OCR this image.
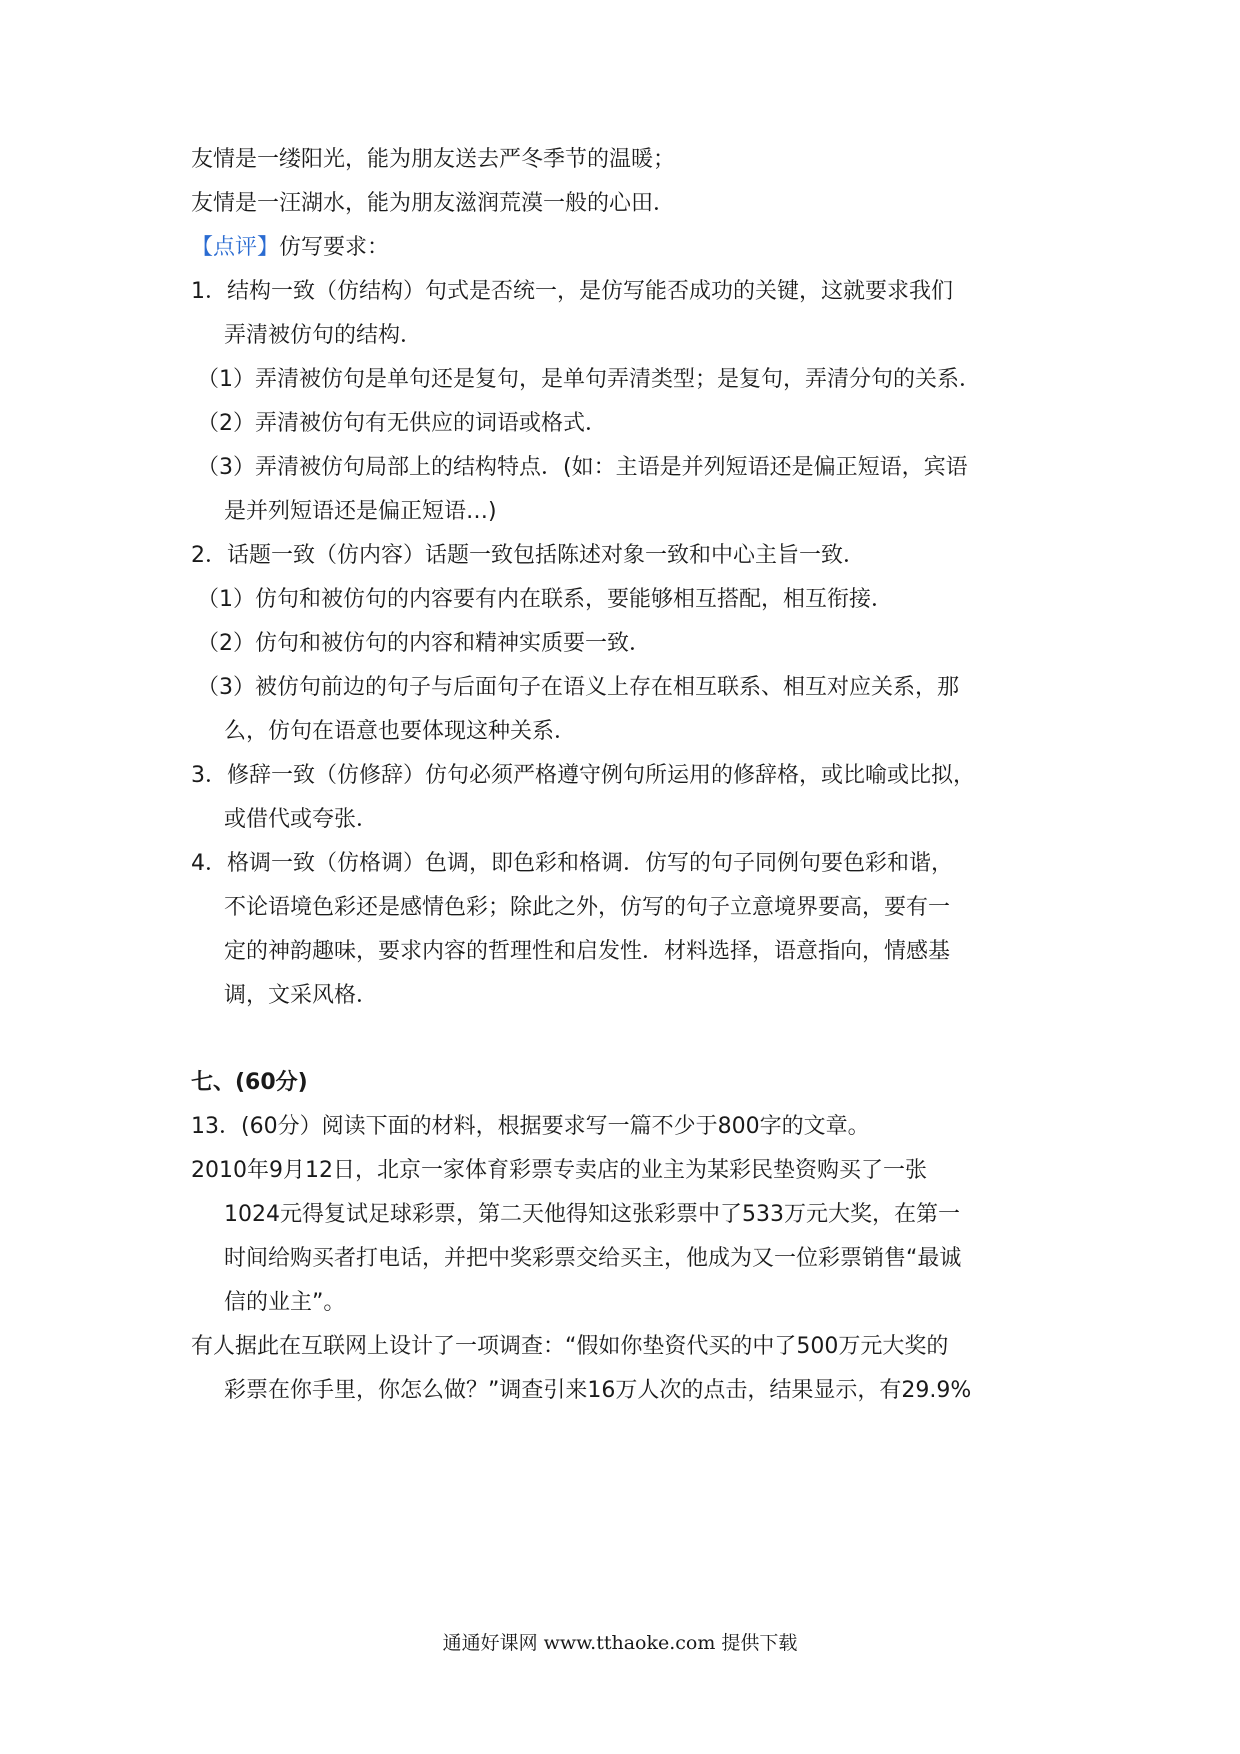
友情是一缕阳光，能为朋友送去严冬季节的温暖；
友情是一汪湖水，能为朋友滋润荒漠一般的心田．
【点评】仿写要求：
1．结构一致（仿结构）句式是否统一，是仿写能否成功的关键，这就要求我们
弄清被仿句的结构．
（1）弄清被仿句是单句还是复句，是单句弄清类型；是复句，弄清分句的关系．
（2）弄清被仿句有无供应的词语或格式．
（3）弄清被仿句局部上的结构特点．(如：主语是并列短语还是偏正短语，宾语
是并列短语还是偏正短语…)
2．话题一致（仿内容）话题一致包括陈述对象一致和中心主旨一致．
（1）仿句和被仿句的内容要有内在联系，要能够相互搭配，相互衔接．
（2）仿句和被仿句的内容和精神实质要一致．
（3）被仿句前边的句子与后面句子在语义上存在相互联系、相互对应关系，那
么，仿句在语意也要体现这种关系．
3．修辞一致（仿修辞）仿句必须严格遵守例句所运用的修辞格，或比喻或比拟，
或借代或夸张．
4．格调一致（仿格调）色调，即色彩和格调．仿写的句子同例句要色彩和谐，
不论语境色彩还是感情色彩；除此之外，仿写的句子立意境界要高，要有一
定的神韵趣味，要求内容的哲理性和启发性．材料选择，语意指向，情感基
调，文采风格．
七、(60分)
13．(60分）阅读下面的材料，根据要求写一篇不少于800字的文章。
2010年9月12日，北京一家体育彩票专卖店的业主为某彩民垫资购买了一张
1024元得复试足球彩票，第二天他得知这张彩票中了533万元大奖，在第一
时间给购买者打电话，并把中奖彩票交给买主，他成为又一位彩票销售“最诚
信的业主”。
有人据此在互联网上设计了一项调查：“假如你垫资代买的中了500万元大奖的
彩票在你手里，你怎么做？”调查引来16万人次的点击，结果显示，有29.9%
通通好课网 www.tthaoke.com 提供下载
